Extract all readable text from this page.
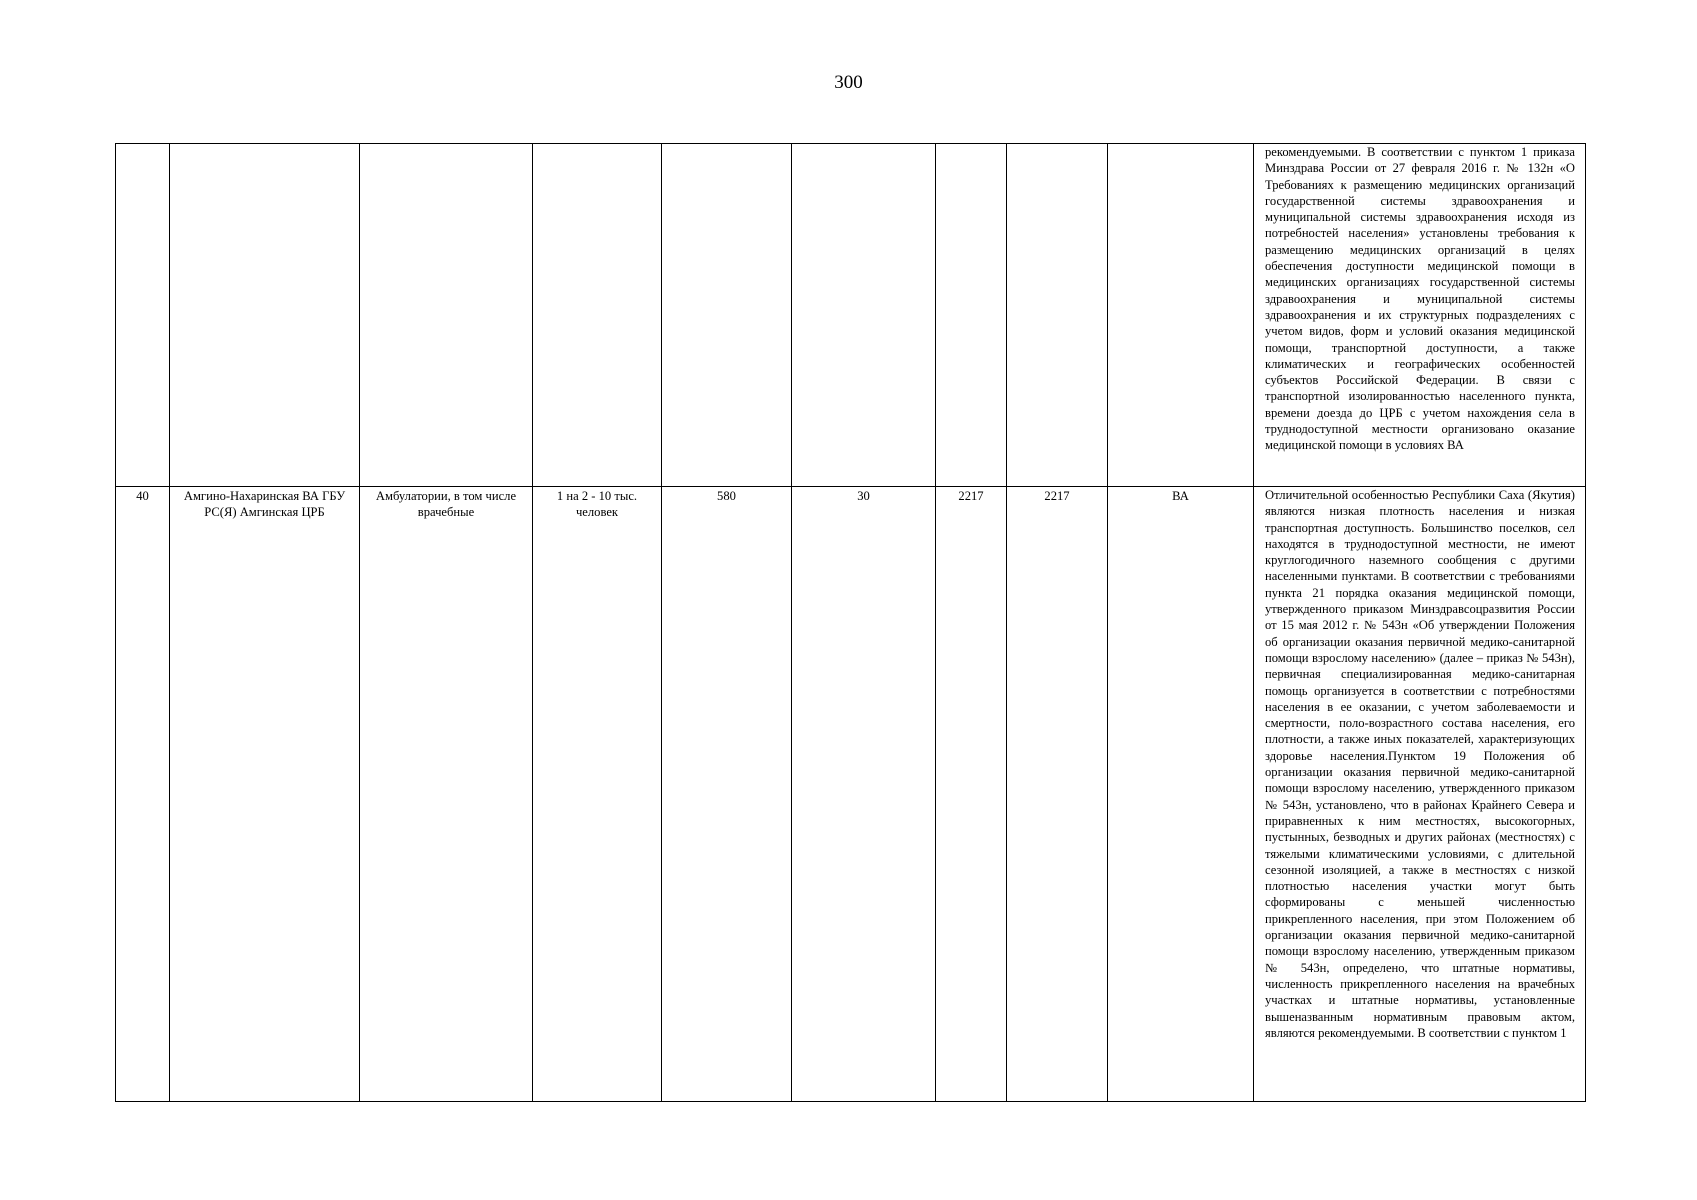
300

									рекомендуемыми. В соответствии с пунктом 1 приказа Минздрава России от 27 февраля 2016 г. № 132н «О Требованиях к размещению медицинских организаций государственной системы здравоохранения и муниципальной системы здравоохранения исходя из потребностей населения» установлены требования к размещению медицинских организаций в целях обеспечения доступности медицинской помощи в медицинских организациях государственной системы здравоохранения и муниципальной системы здравоохранения и их структурных подразделениях с учетом видов, форм и условий оказания медицинской помощи, транспортной доступности, а также климатических и географических особенностей субъектов Российской Федерации. В связи с транспортной изолированностью населенного пункта, времени доезда до ЦРБ с учетом нахождения села в труднодоступной местности организовано оказание медицинской помощи в условиях ВА

40	Амгино-Нахаринская ВА ГБУ РС(Я) Амгинская ЦРБ	Амбулатории, в том числе врачебные	1 на 2 - 10 тыс. человек	580	30	2217	2217	ВА	Отличительной особенностью Республики Саха (Якутия) являются низкая плотность населения и низкая транспортная доступность. Большинство поселков, сел находятся в труднодоступной местности, не имеют круглогодичного наземного сообщения с другими населенными пунктами. В соответствии с требованиями пункта 21 порядка оказания медицинской помощи, утвержденного приказом Минздравсоцразвития России от 15 мая 2012 г. № 543н «Об утверждении Положения об организации оказания первичной медико-санитарной помощи взрослому населению» (далее – приказ № 543н), первичная специализированная медико-санитарная помощь организуется в соответствии с потребностями населения в ее оказании, с учетом заболеваемости и смертности, поло-возрастного состава населения, его плотности, а также иных показателей, характеризующих здоровье населения.Пунктом 19 Положения об организации оказания первичной медико-санитарной помощи взрослому населению, утвержденного приказом № 543н, установлено, что в районах Крайнего Севера и приравненных к ним местностях, высокогорных, пустынных, безводных и других районах (местностях) с тяжелыми климатическими условиями, с длительной сезонной изоляцией, а также в местностях с низкой плотностью населения участки могут быть сформированы с меньшей численностью прикрепленного населения, при этом Положением об организации оказания первичной медико-санитарной помощи взрослому населению, утвержденным приказом № 543н, определено, что штатные нормативы, численность прикрепленного населения на врачебных участках и штатные нормативы, установленные вышеназванным нормативным правовым актом, являются рекомендуемыми. В соответствии с пунктом 1
